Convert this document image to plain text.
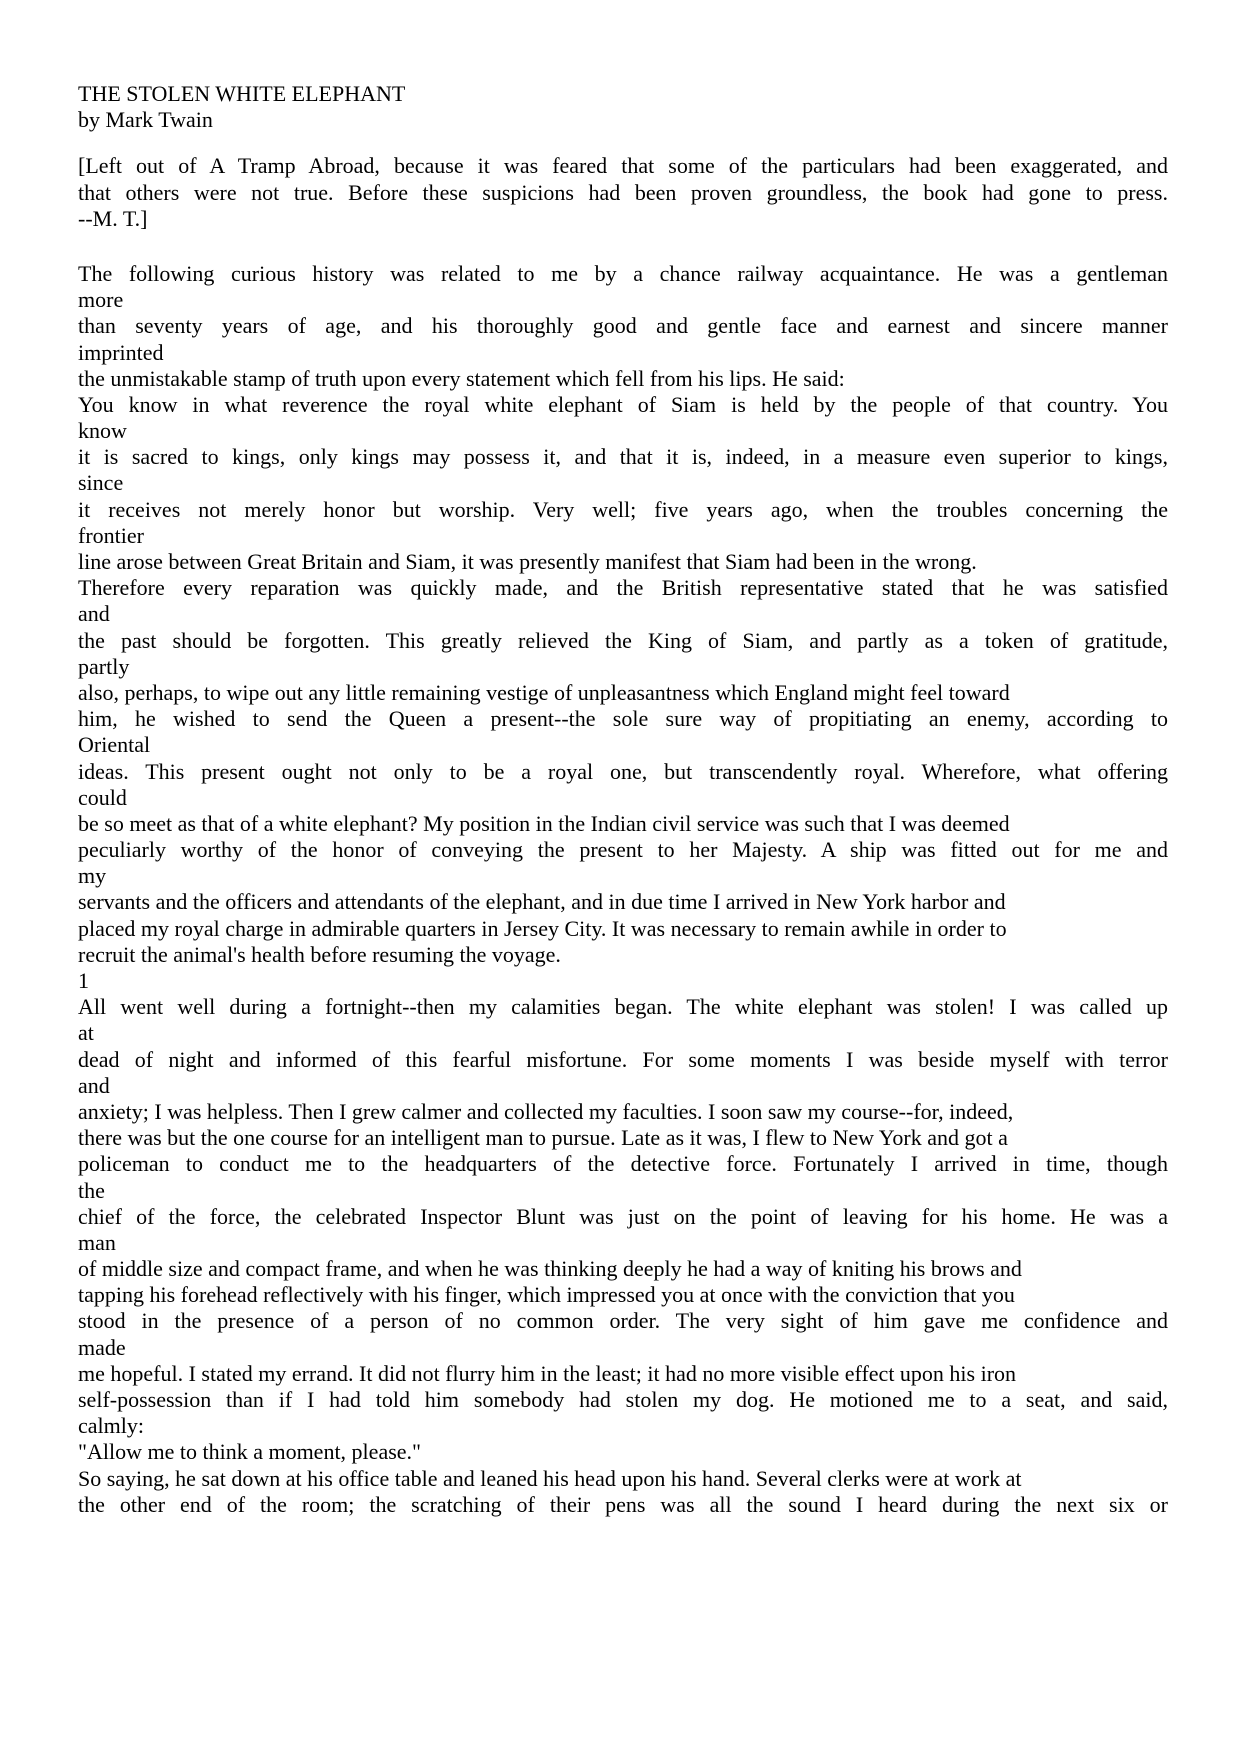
THE STOLEN WHITE ELEPHANT
by Mark Twain
[Left out of A Tramp Abroad, because it was feared that some of the particulars had been exaggerated, and
that others were not true. Before these suspicions had been proven groundless, the book had gone to press.
--M. T.]
The following curious history was related to me by a chance railway acquaintance. He was a gentleman
more
than seventy years of age, and his thoroughly good and gentle face and earnest and sincere manner
imprinted
the unmistakable stamp of truth upon every statement which fell from his lips. He said:
You know in what reverence the royal white elephant of Siam is held by the people of that country. You
know
it is sacred to kings, only kings may possess it, and that it is, indeed, in a measure even superior to kings,
since
it receives not merely honor but worship. Very well; five years ago, when the troubles concerning the
frontier
line arose between Great Britain and Siam, it was presently manifest that Siam had been in the wrong.
Therefore every reparation was quickly made, and the British representative stated that he was satisfied
and
the past should be forgotten. This greatly relieved the King of Siam, and partly as a token of gratitude,
partly
also, perhaps, to wipe out any little remaining vestige of unpleasantness which England might feel toward
him, he wished to send the Queen a present--the sole sure way of propitiating an enemy, according to
Oriental
ideas. This present ought not only to be a royal one, but transcendently royal. Wherefore, what offering
could
be so meet as that of a white elephant? My position in the Indian civil service was such that I was deemed
peculiarly worthy of the honor of conveying the present to her Majesty. A ship was fitted out for me and
my
servants and the officers and attendants of the elephant, and in due time I arrived in New York harbor and
placed my royal charge in admirable quarters in Jersey City. It was necessary to remain awhile in order to
recruit the animal's health before resuming the voyage.
1
All went well during a fortnight--then my calamities began. The white elephant was stolen! I was called up
at
dead of night and informed of this fearful misfortune. For some moments I was beside myself with terror
and
anxiety; I was helpless. Then I grew calmer and collected my faculties. I soon saw my course--for, indeed,
there was but the one course for an intelligent man to pursue. Late as it was, I flew to New York and got a
policeman to conduct me to the headquarters of the detective force. Fortunately I arrived in time, though
the
chief of the force, the celebrated Inspector Blunt was just on the point of leaving for his home. He was a
man
of middle size and compact frame, and when he was thinking deeply he had a way of kniting his brows and
tapping his forehead reflectively with his finger, which impressed you at once with the conviction that you
stood in the presence of a person of no common order. The very sight of him gave me confidence and
made
me hopeful. I stated my errand. It did not flurry him in the least; it had no more visible effect upon his iron
self-possession than if I had told him somebody had stolen my dog. He motioned me to a seat, and said,
calmly:
"Allow me to think a moment, please."
So saying, he sat down at his office table and leaned his head upon his hand. Several clerks were at work at
the other end of the room; the scratching of their pens was all the sound I heard during the next six or
